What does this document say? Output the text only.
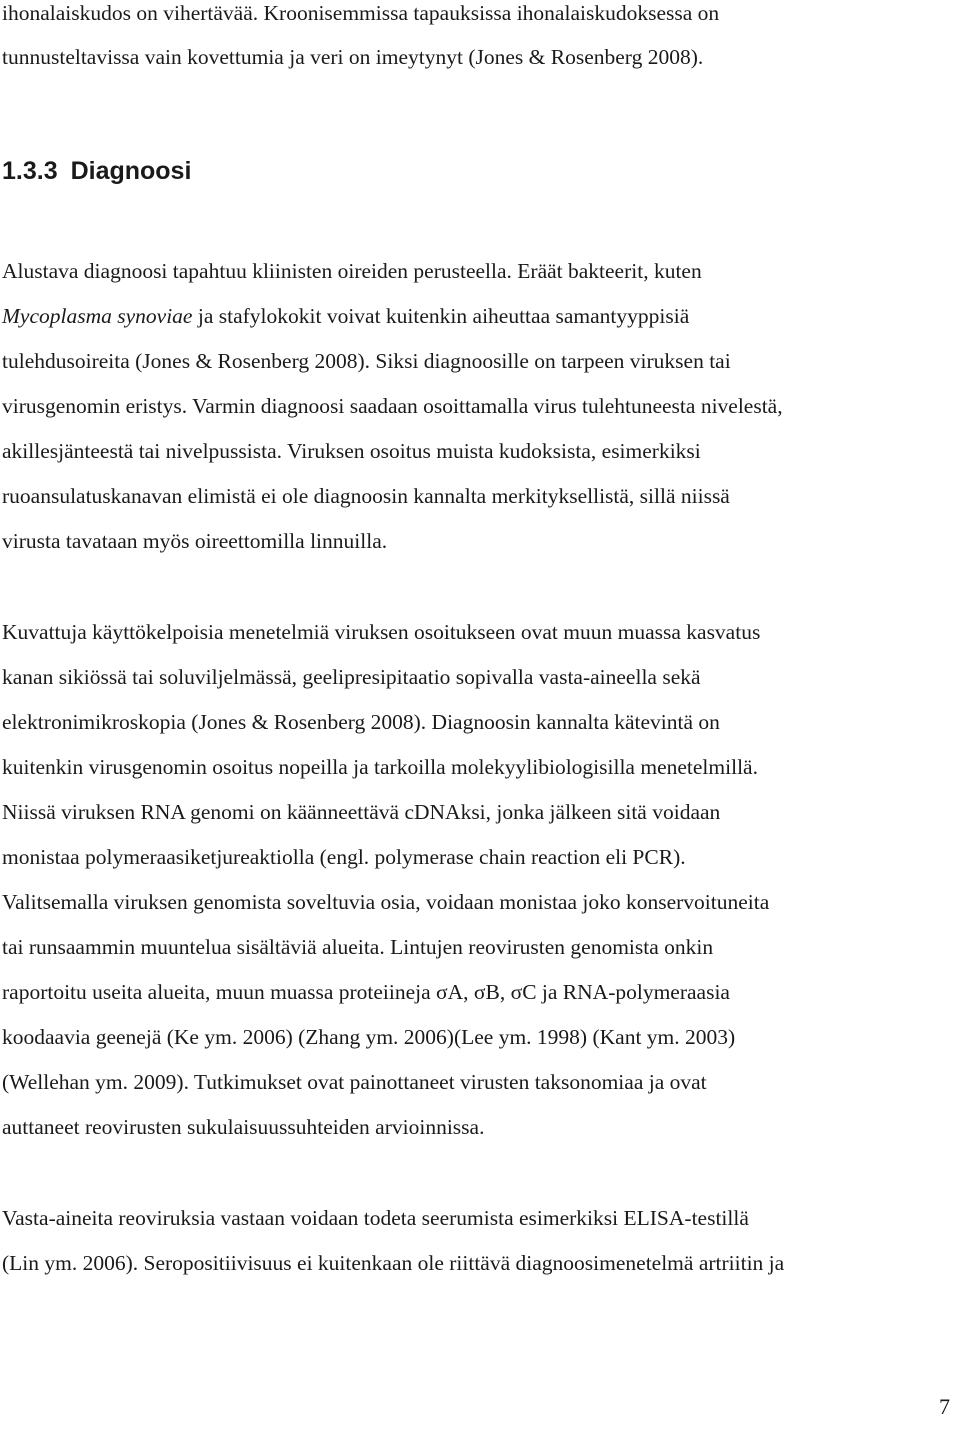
ihonalaiskudos on vihertävää. Kroonisemmissa tapauksissa ihonalaiskudoksessa on
tunnusteltavissa vain kovettumia ja veri on imeytynyt (Jones & Rosenberg 2008).
1.3.3 Diagnoosi
Alustava diagnoosi tapahtuu kliinisten oireiden perusteella. Eräät bakteerit, kuten
Mycoplasma synoviae ja stafylokokit voivat kuitenkin aiheuttaa samantyyppisiä
tulehdusoireita (Jones & Rosenberg 2008). Siksi diagnoosille on tarpeen viruksen tai
virusgenomin eristys. Varmin diagnoosi saadaan osoittamalla virus tulehtuneesta nivelestä,
akillesjänteestä tai nivelpussista. Viruksen osoitus muista kudoksista, esimerkiksi
ruoansulatuskanavan elimistä ei ole diagnoosin kannalta merkityksellistä, sillä niissä
virusta tavataan myös oireettomilla linnuilla.
Kuvattuja käyttökelpoisia menetelmiä viruksen osoitukseen ovat muun muassa kasvatus
kanan sikiössä tai soluviljelmässä, geelipresipitaatio sopivalla vasta-aineella sekä
elektronimikroskopia (Jones & Rosenberg 2008). Diagnoosin kannalta kätevintä on
kuitenkin virusgenomin osoitus nopeilla ja tarkoilla molekyylibiologisilla menetelmillä.
Niissä viruksen RNA genomi on käänneettävä cDNAksi, jonka jälkeen sitä voidaan
monistaa polymeraasiketjureaktiolla (engl. polymerase chain reaction eli PCR).
Valitsemalla viruksen genomista soveltuvia osia, voidaan monistaa joko konservoituneita
tai runsaammin muuntelua sisältäviä alueita. Lintujen reovirusten genomista onkin
raportoitu useita alueita, muun muassa proteiineja σA, σB, σC ja RNA-polymeraasia
koodaavia geenejä (Ke ym. 2006) (Zhang ym. 2006)(Lee ym. 1998) (Kant ym. 2003)
(Wellehan ym. 2009). Tutkimukset ovat painottaneet virusten taksonomiaa ja ovat
auttaneet reovirusten sukulaisuussuhteiden arvioinnissa.
Vasta-aineita reoviruksia vastaan voidaan todeta seerumista esimerkiksi ELISA-testillä
(Lin ym. 2006). Seropositiivisuus ei kuitenkaan ole riittävä diagnoosimenetelmä artriitin ja
7
